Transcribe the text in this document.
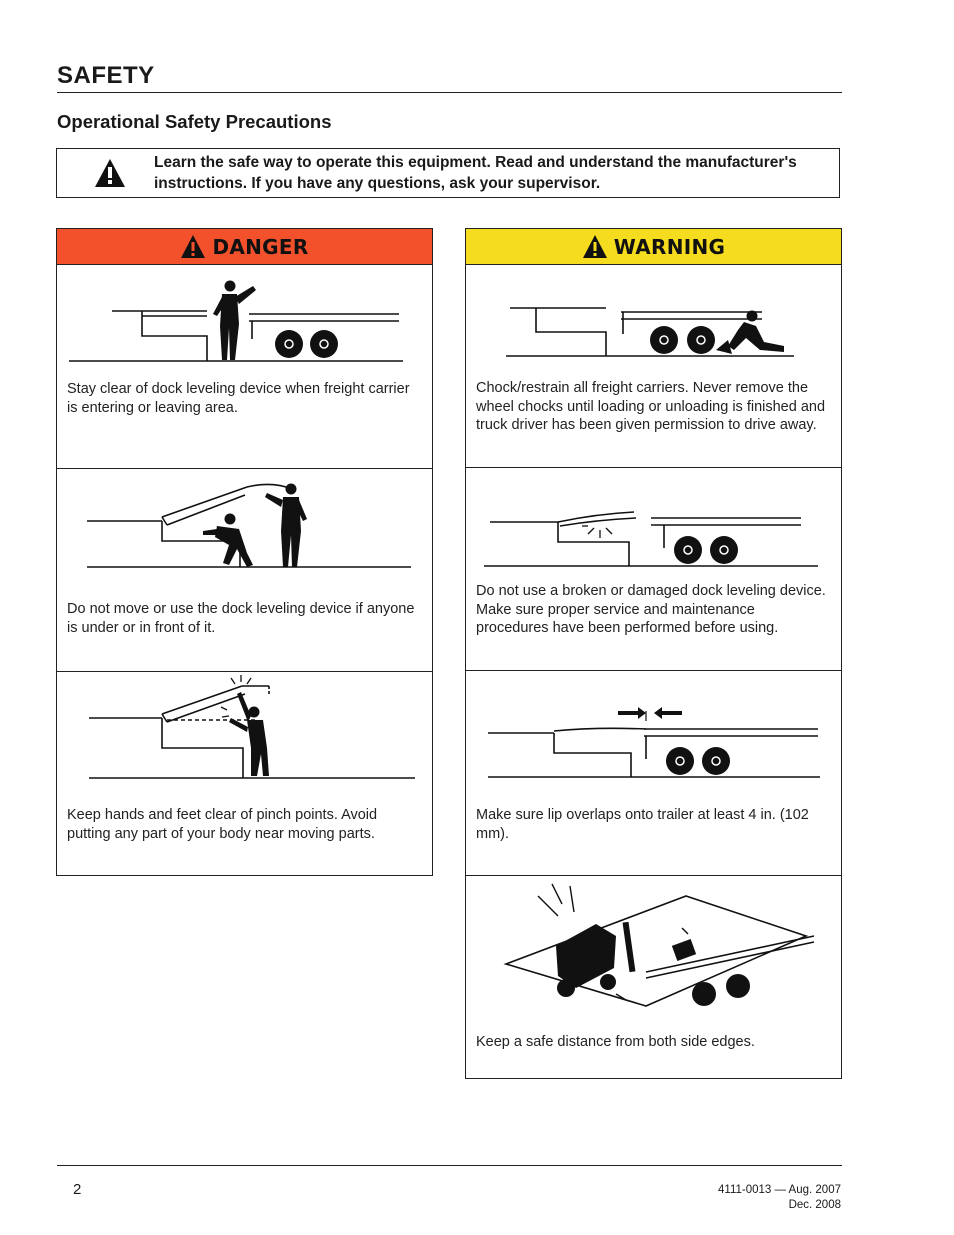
SAFETY
Operational Safety Precautions
Learn the safe way to operate this equipment. Read and understand the manufacturer's instructions. If you have any questions, ask your supervisor.
DANGER
Stay clear of dock leveling device when freight carrier is entering or leaving area.
Do not move or use the dock leveling device if anyone is under or in front of it.
Keep hands and feet clear of pinch points. Avoid putting any part of your body near moving parts.
WARNING
Chock/restrain all freight carriers. Never remove the wheel chocks until loading or unloading is finished and truck driver has been given permission to drive away.
Do not use a broken or damaged dock leveling device. Make sure proper service and maintenance procedures have been performed before using.
Make sure lip overlaps onto trailer at least 4 in. (102 mm).
Keep a safe distance from both side edges.
2	4111-0013 — Aug. 2007
Dec. 2008
